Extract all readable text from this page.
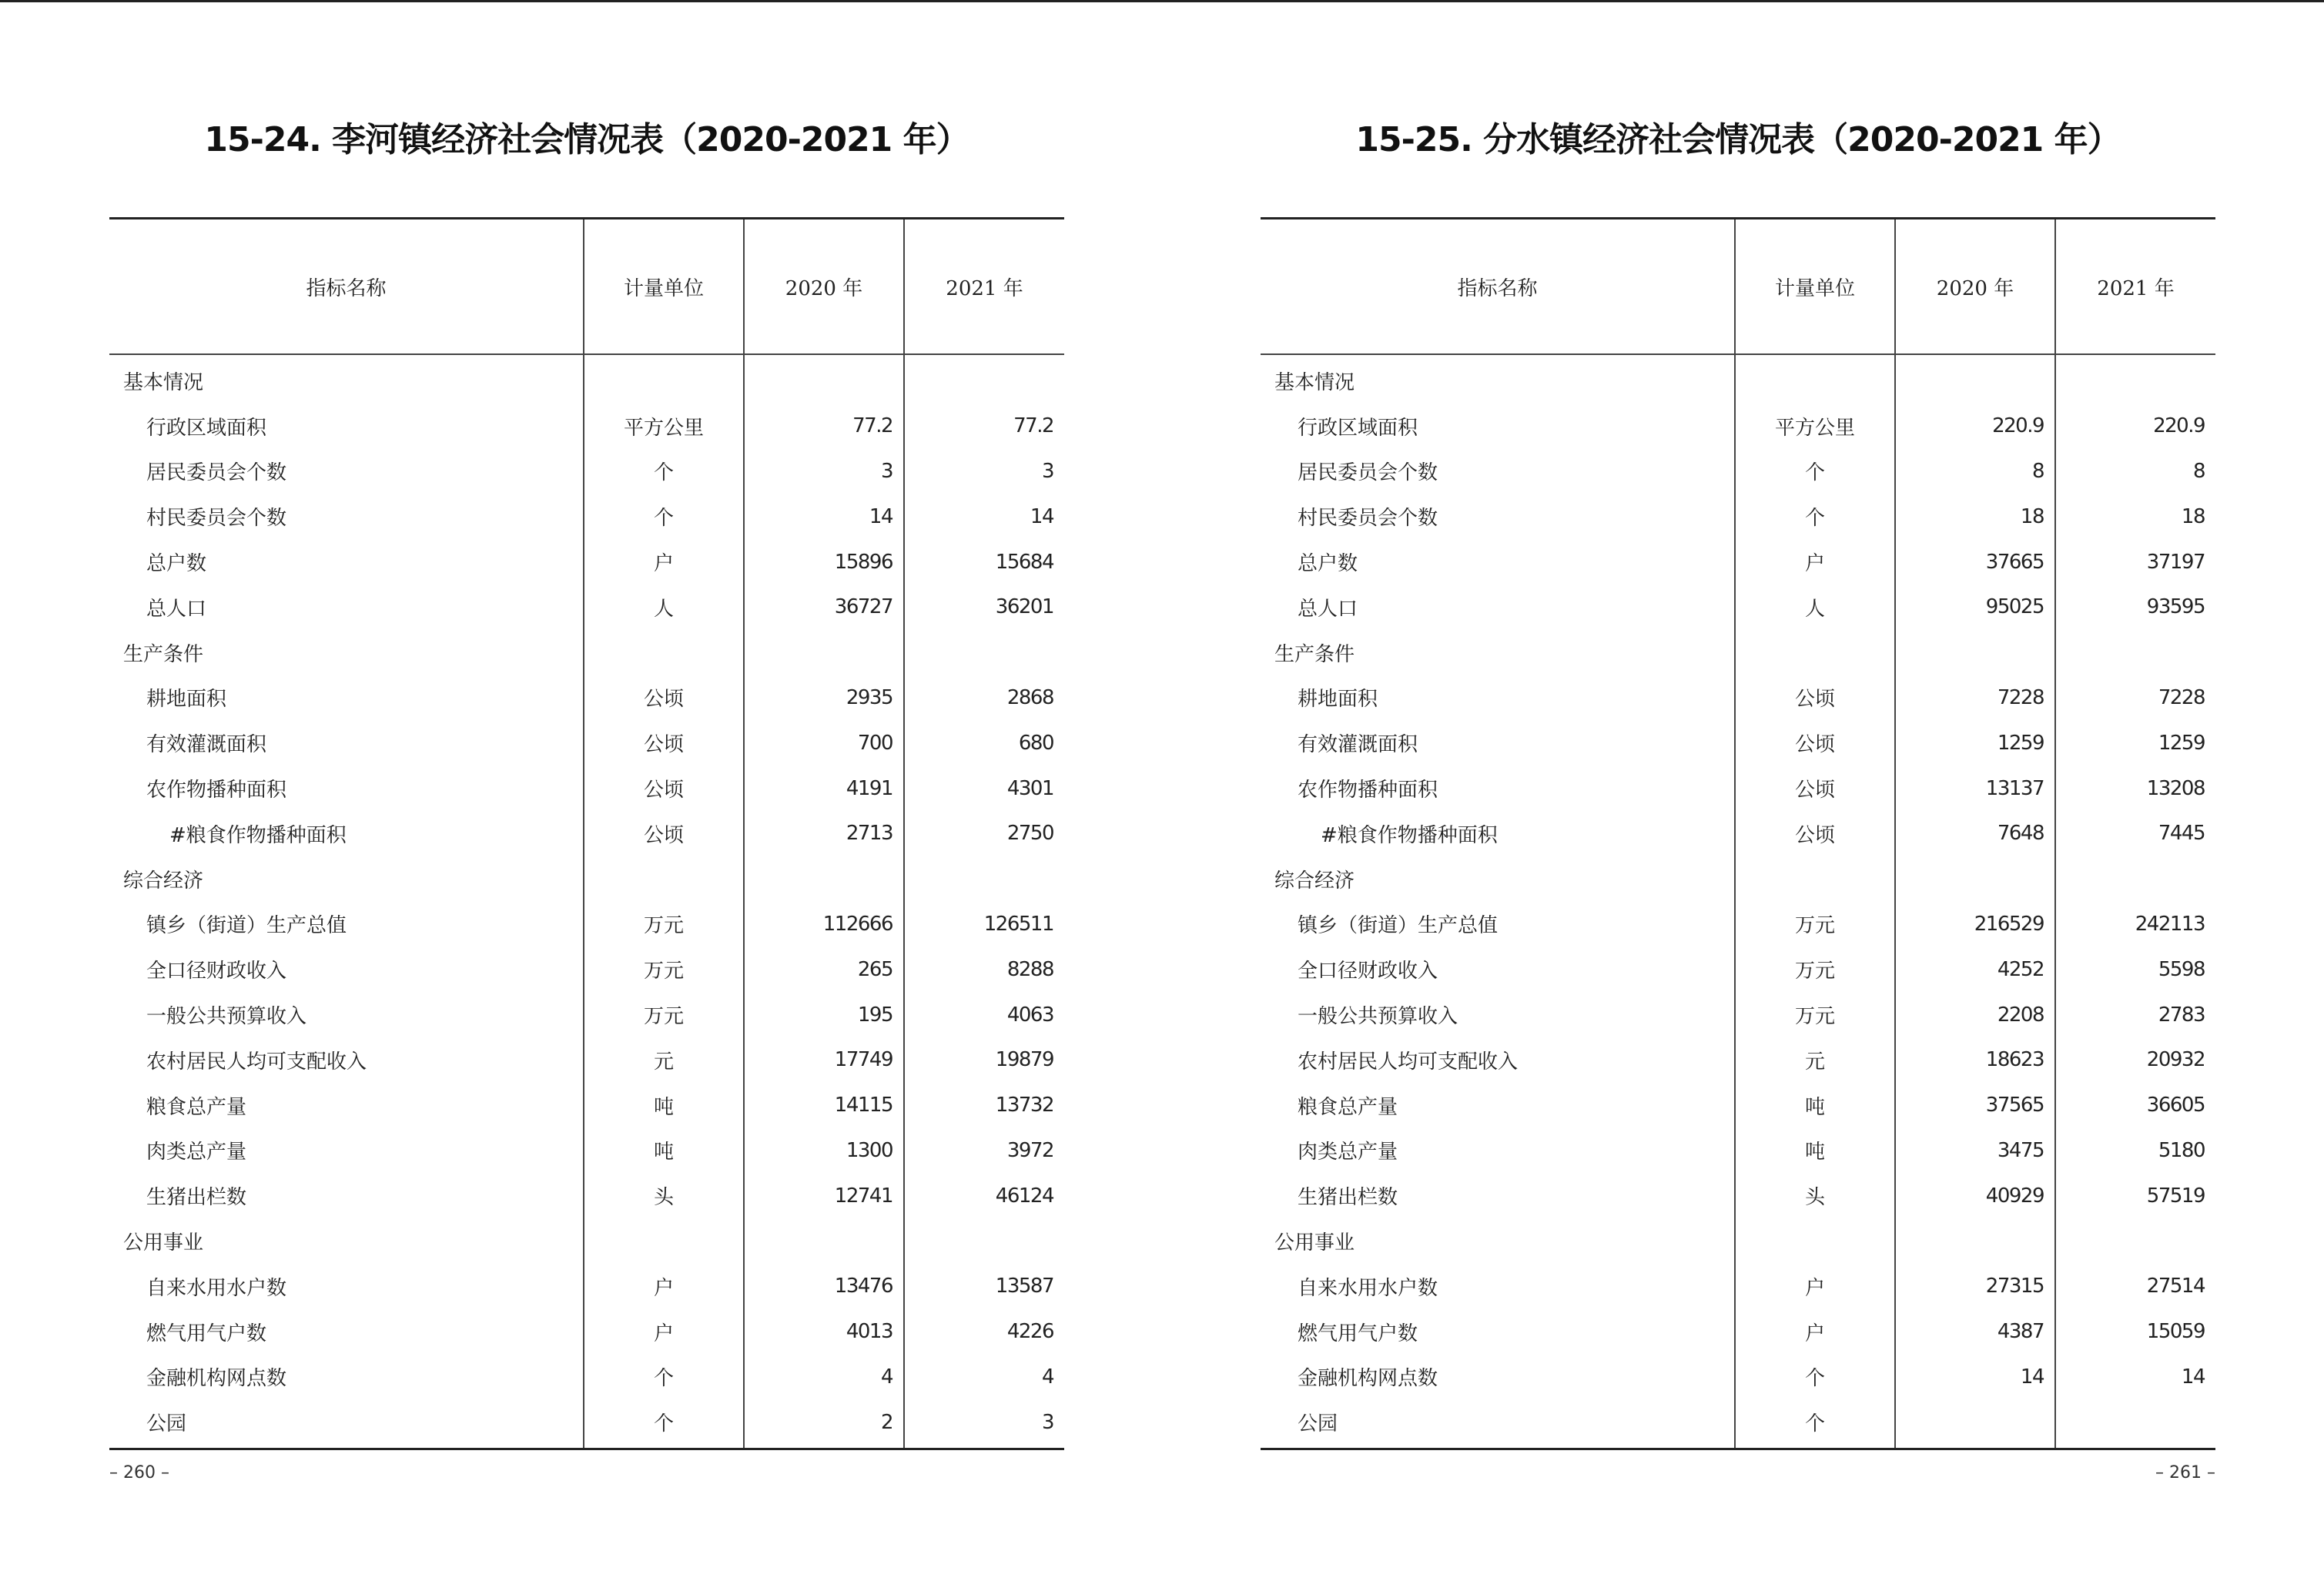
15-24. 李河镇经济社会情况表（2020-2021 年）
指标名称	计量单位	2020 年	2021 年
基本情况			
行政区域面积	平方公里	77.2	77.2
居民委员会个数	个	3	3
村民委员会个数	个	14	14
总户数	户	15896	15684
总人口	人	36727	36201
生产条件			
耕地面积	公顷	2935	2868
有效灌溉面积	公顷	700	680
农作物播种面积	公顷	4191	4301
#粮食作物播种面积	公顷	2713	2750
综合经济			
镇乡（街道）生产总值	万元	112666	126511
全口径财政收入	万元	265	8288
一般公共预算收入	万元	195	4063
农村居民人均可支配收入	元	17749	19879
粮食总产量	吨	14115	13732
肉类总产量	吨	1300	3972
生猪出栏数	头	12741	46124
公用事业			
自来水用水户数	户	13476	13587
燃气用气户数	户	4013	4226
金融机构网点数	个	4	4
公园	个	2	3
– 260 –
15-25. 分水镇经济社会情况表（2020-2021 年）
指标名称	计量单位	2020 年	2021 年
基本情况			
行政区域面积	平方公里	220.9	220.9
居民委员会个数	个	8	8
村民委员会个数	个	18	18
总户数	户	37665	37197
总人口	人	95025	93595
生产条件			
耕地面积	公顷	7228	7228
有效灌溉面积	公顷	1259	1259
农作物播种面积	公顷	13137	13208
#粮食作物播种面积	公顷	7648	7445
综合经济			
镇乡（街道）生产总值	万元	216529	242113
全口径财政收入	万元	4252	5598
一般公共预算收入	万元	2208	2783
农村居民人均可支配收入	元	18623	20932
粮食总产量	吨	37565	36605
肉类总产量	吨	3475	5180
生猪出栏数	头	40929	57519
公用事业			
自来水用水户数	户	27315	27514
燃气用气户数	户	4387	15059
金融机构网点数	个	14	14
公园	个		
– 261 –
